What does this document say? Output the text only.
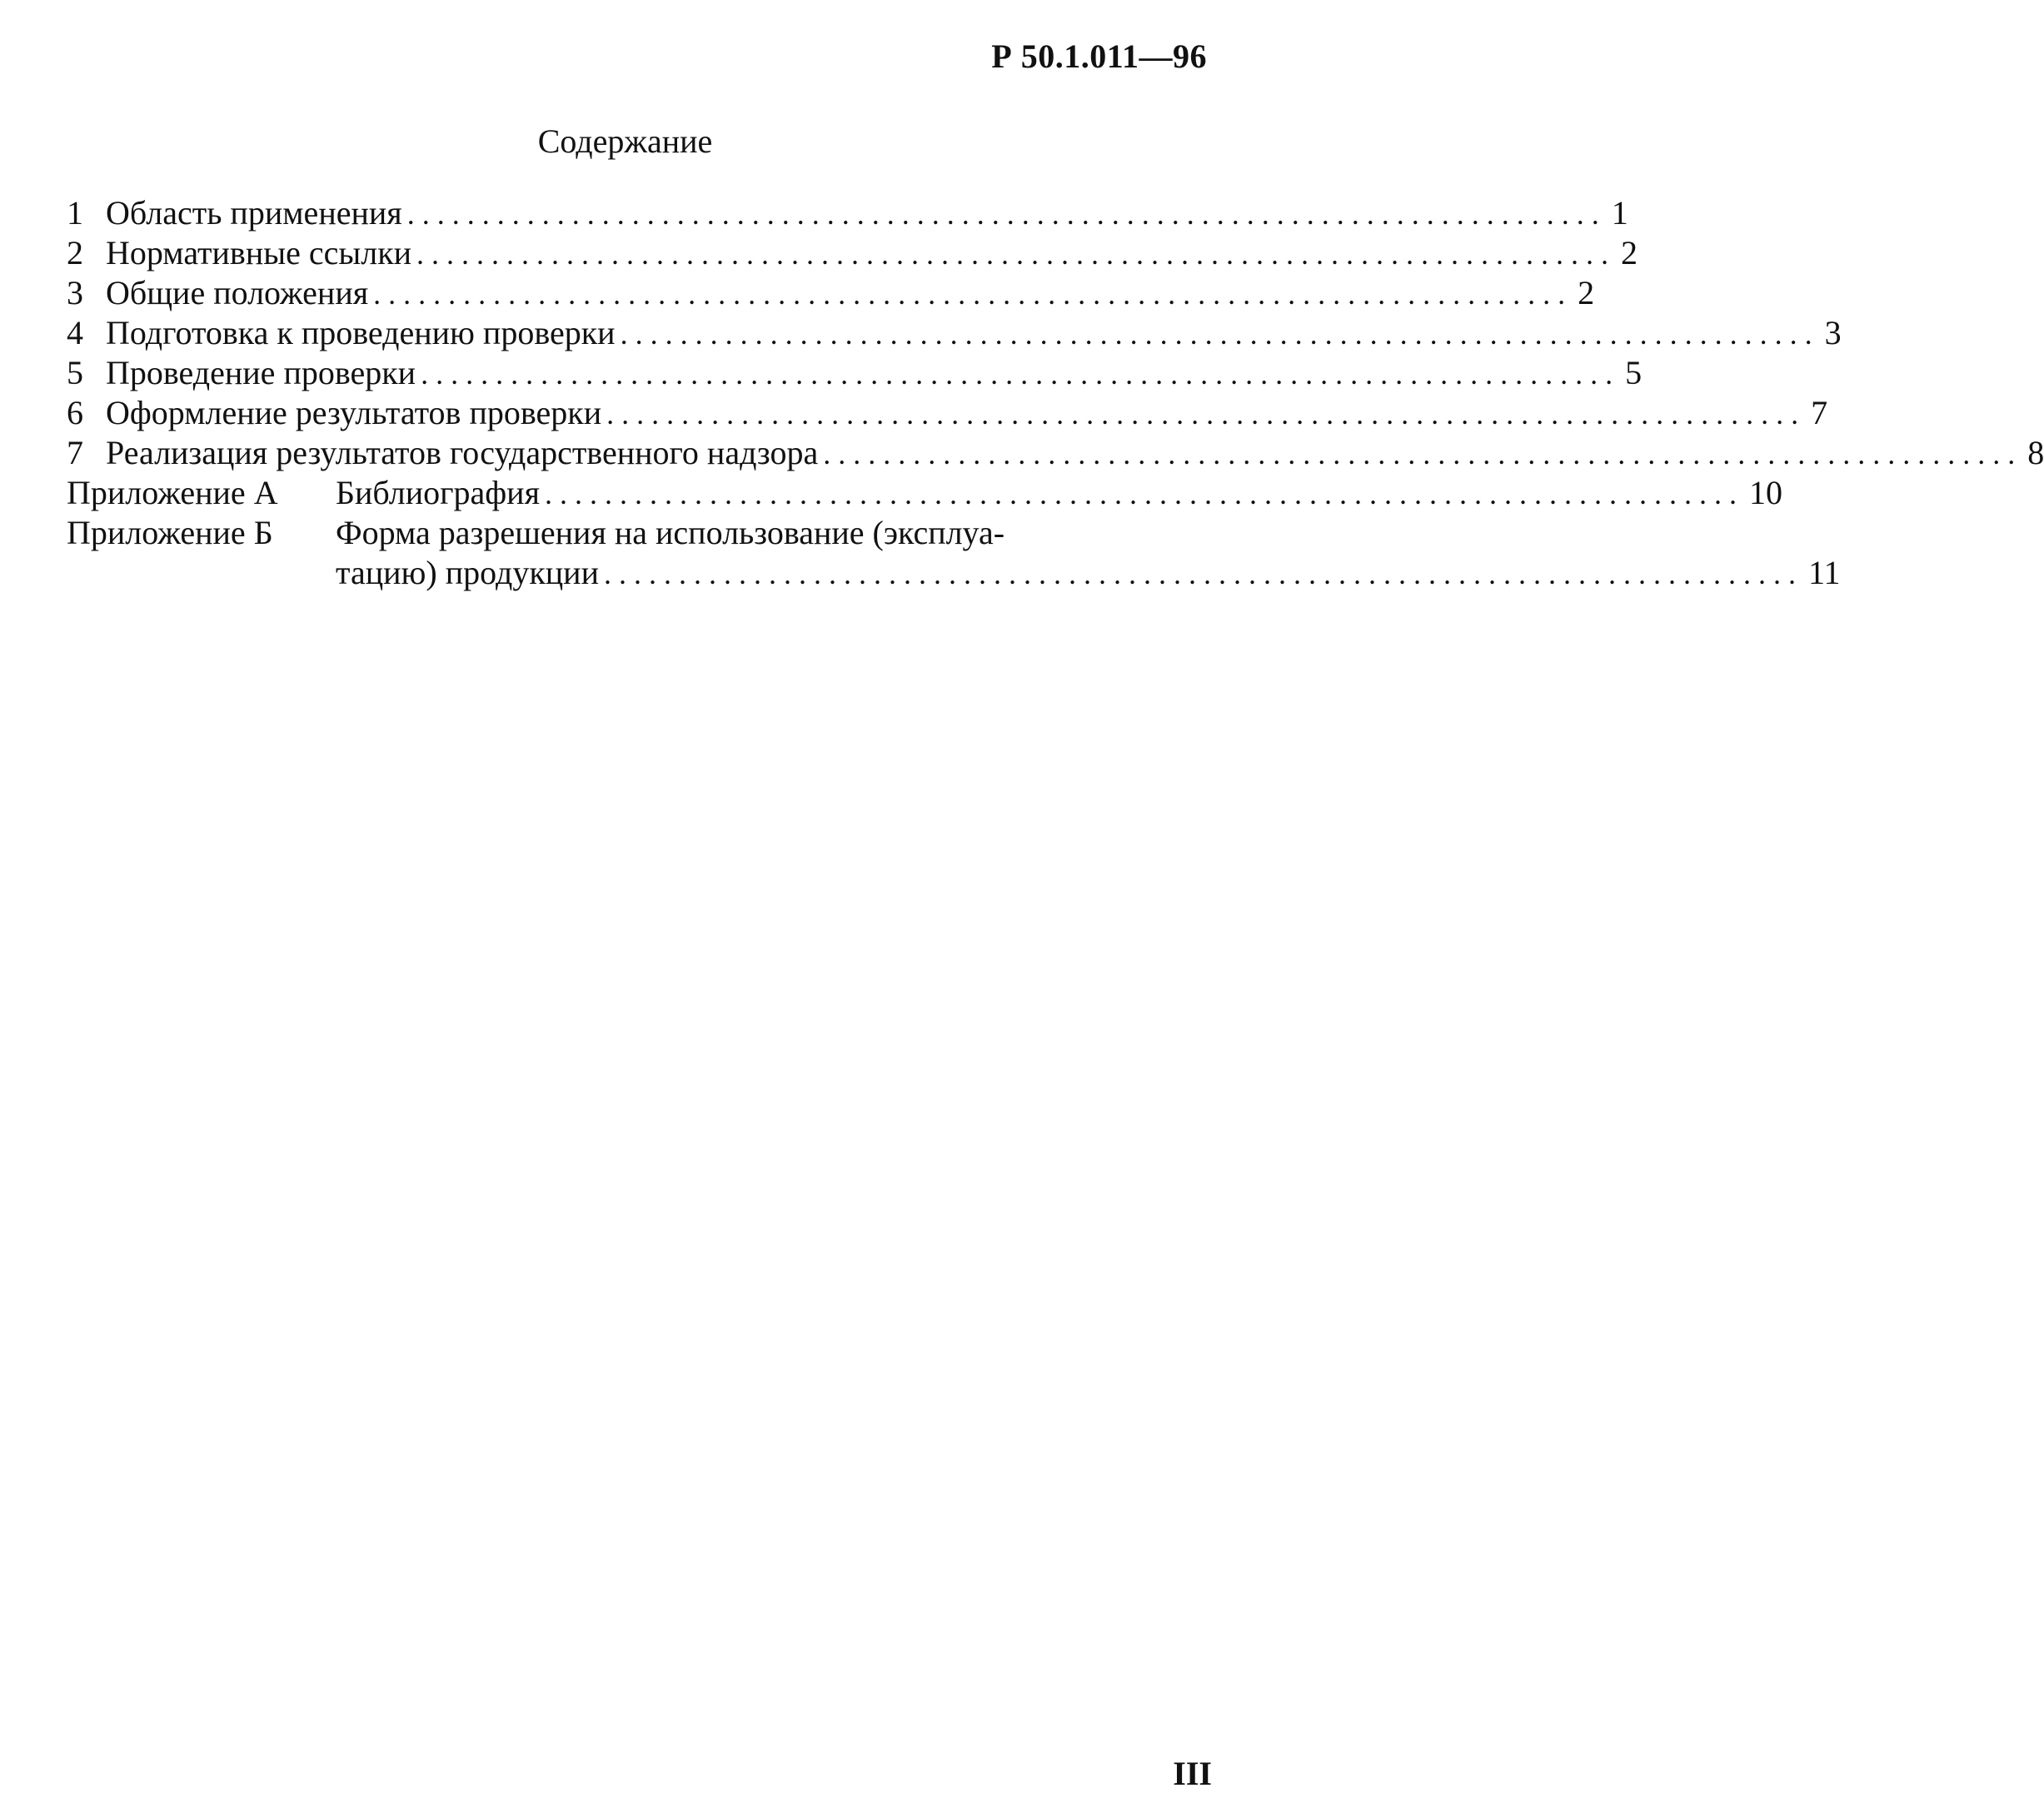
Р 50.1.011—96
Содержание
1 Область применения ................................................................................ 1
2 Нормативные ссылки ................................................................................ 2
3 Общие положения ................................................................................ 2
4 Подготовка к проведению проверки ................................................................................ 3
5 Проведение проверки ................................................................................ 5
6 Оформление результатов проверки ................................................................................ 7
7 Реализация результатов государственного надзора ................................................................................ 8
Приложение А	Библиография ................................................................................ 10
Приложение Б	Форма разрешения на использование (эксплуа-
тацию) продукции ................................................................................ 11
III
